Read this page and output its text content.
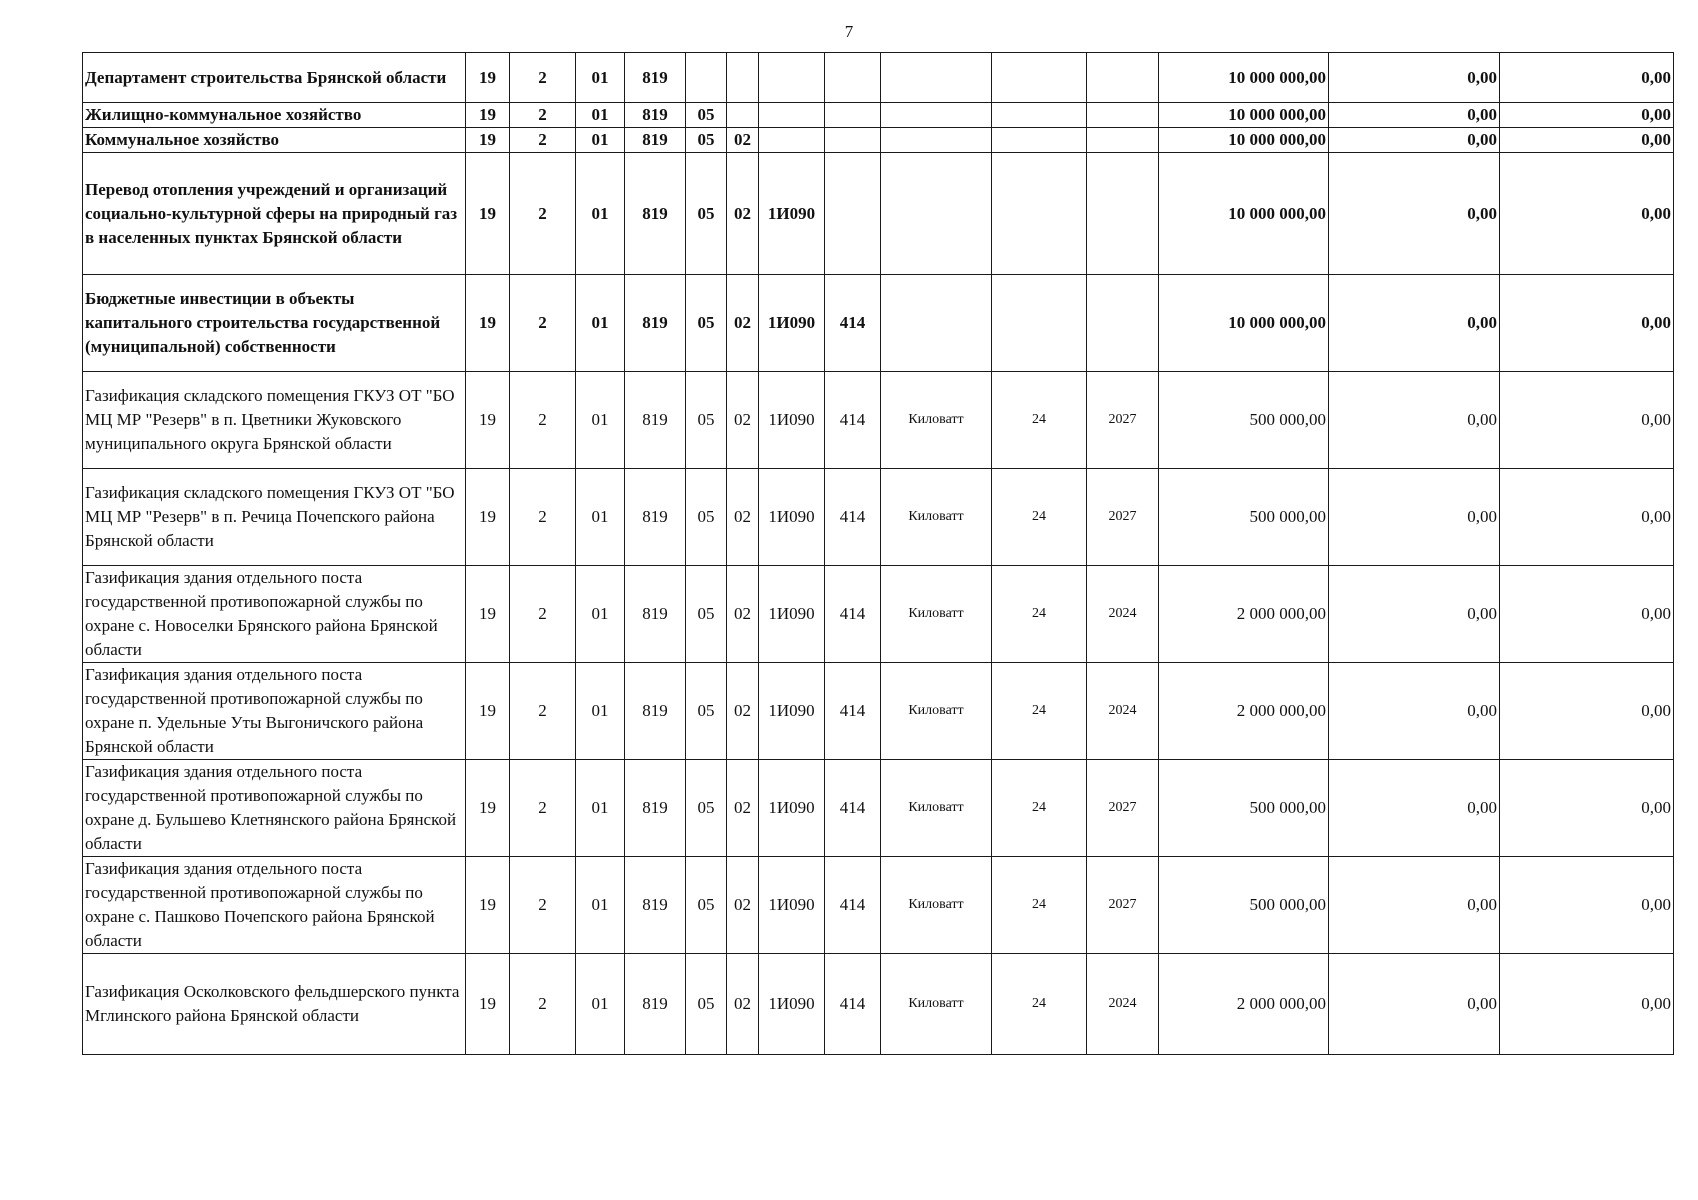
7
Департамент строительства Брянской области	19	2	01	819								10 000 000,00	0,00	0,00
Жилищно-коммунальное хозяйство	19	2	01	819	05							10 000 000,00	0,00	0,00
Коммунальное хозяйство	19	2	01	819	05	02						10 000 000,00	0,00	0,00
Перевод отопления учреждений и организаций социально-культурной сферы на природный газ в населенных пунктах Брянской области	19	2	01	819	05	02	1И090					10 000 000,00	0,00	0,00
Бюджетные инвестиции в объекты капитального строительства государственной (муниципальной) собственности	19	2	01	819	05	02	1И090	414				10 000 000,00	0,00	0,00
Газификация складского помещения ГКУЗ ОТ "БО МЦ МР "Резерв" в п. Цветники Жуковского муниципального округа Брянской области	19	2	01	819	05	02	1И090	414	Киловатт	24	2027	500 000,00	0,00	0,00
Газификация складского помещения ГКУЗ ОТ "БО МЦ МР "Резерв" в п. Речица Почепского района Брянской области	19	2	01	819	05	02	1И090	414	Киловатт	24	2027	500 000,00	0,00	0,00
Газификация здания отдельного поста государственной противопожарной службы по охране с. Новоселки Брянского района Брянской области	19	2	01	819	05	02	1И090	414	Киловатт	24	2024	2 000 000,00	0,00	0,00
Газификация здания отдельного поста государственной противопожарной службы по охране п. Удельные Уты Выгоничского района Брянской области	19	2	01	819	05	02	1И090	414	Киловатт	24	2024	2 000 000,00	0,00	0,00
Газификация здания отдельного поста государственной противопожарной службы по охране д. Бульшево Клетнянского района Брянской области	19	2	01	819	05	02	1И090	414	Киловатт	24	2027	500 000,00	0,00	0,00
Газификация здания отдельного поста государственной противопожарной службы по охране с. Пашково Почепского района Брянской области	19	2	01	819	05	02	1И090	414	Киловатт	24	2027	500 000,00	0,00	0,00
Газификация Осколковского фельдшерского пункта Мглинского района Брянской области	19	2	01	819	05	02	1И090	414	Киловатт	24	2024	2 000 000,00	0,00	0,00
